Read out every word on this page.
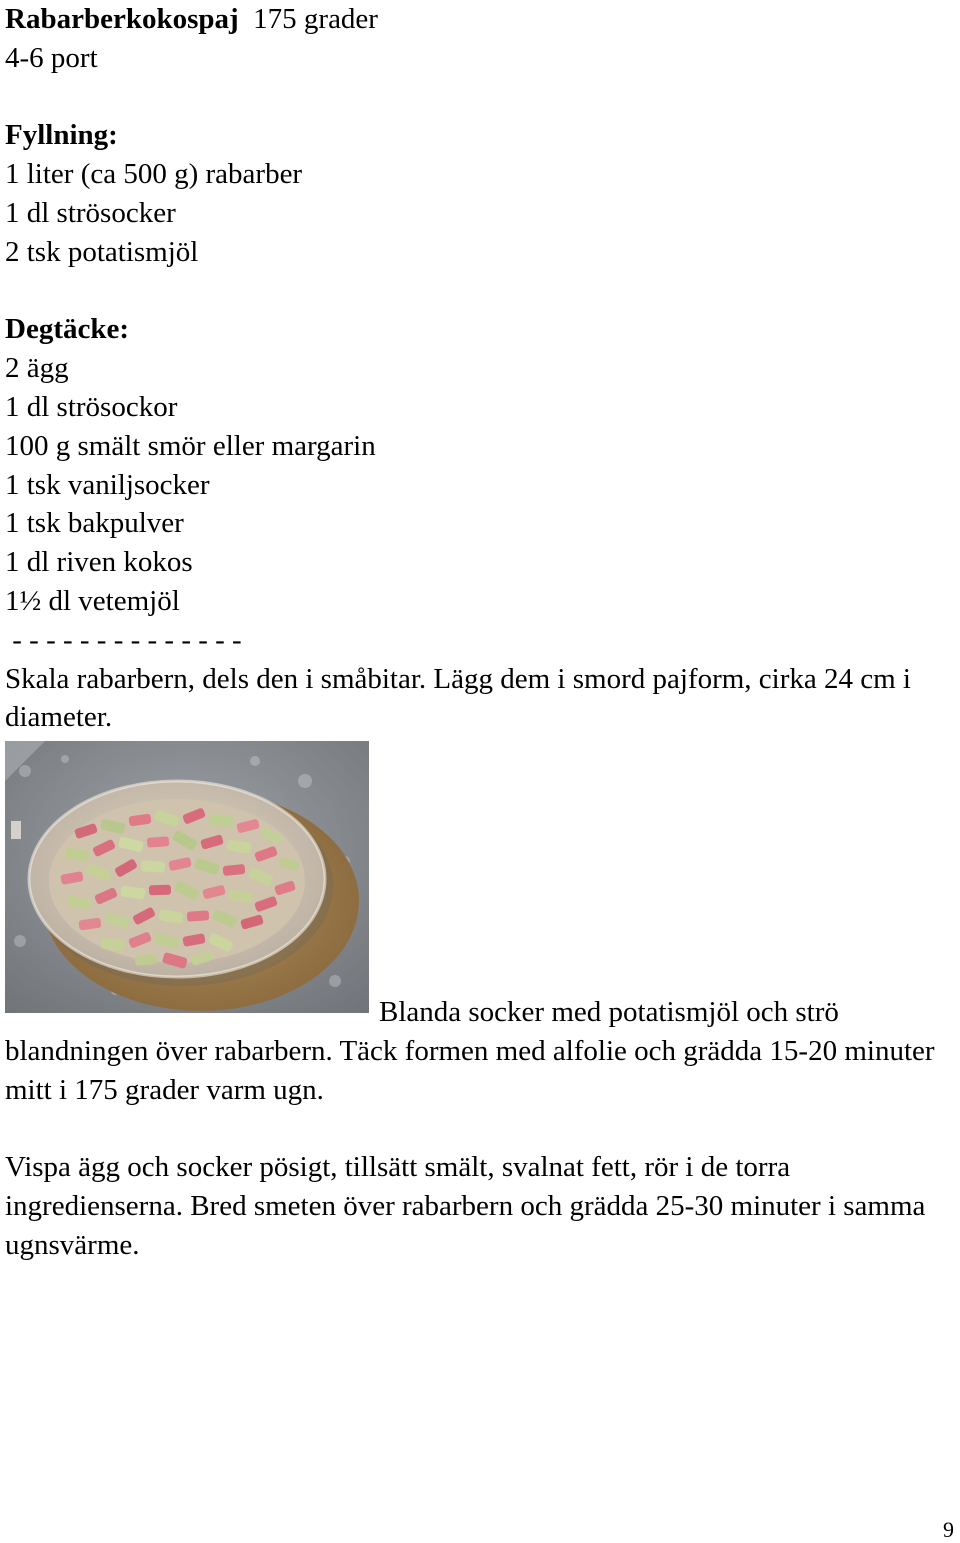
Rabarberkokospaj 175 grader
4-6 port
Fyllning:
1 liter (ca 500 g) rabarber
1 dl strösocker
2 tsk potatismjöl
Degtäcke:
2 ägg
1 dl strösockor
100 g smält smör eller margarin
1 tsk vaniljsocker
1 tsk bakpulver
1 dl riven kokos
1½ dl vetemjöl
- - - - - - - - - - - - - -

Skala rabarbern, dels den i småbitar. Lägg dem i smord pajform, cirka 24 cm i diameter.

Blanda socker med potatismjöl och strö blandningen över rabarbern. Täck formen med alfolie och grädda 15-20 minuter mitt i 175 grader varm ugn.

Vispa ägg och socker pösigt, tillsätt smält, svalnat fett, rör i de torra ingredienserna. Bred smeten över rabarbern och grädda 25-30 minuter i samma ugnsvärme.

9
